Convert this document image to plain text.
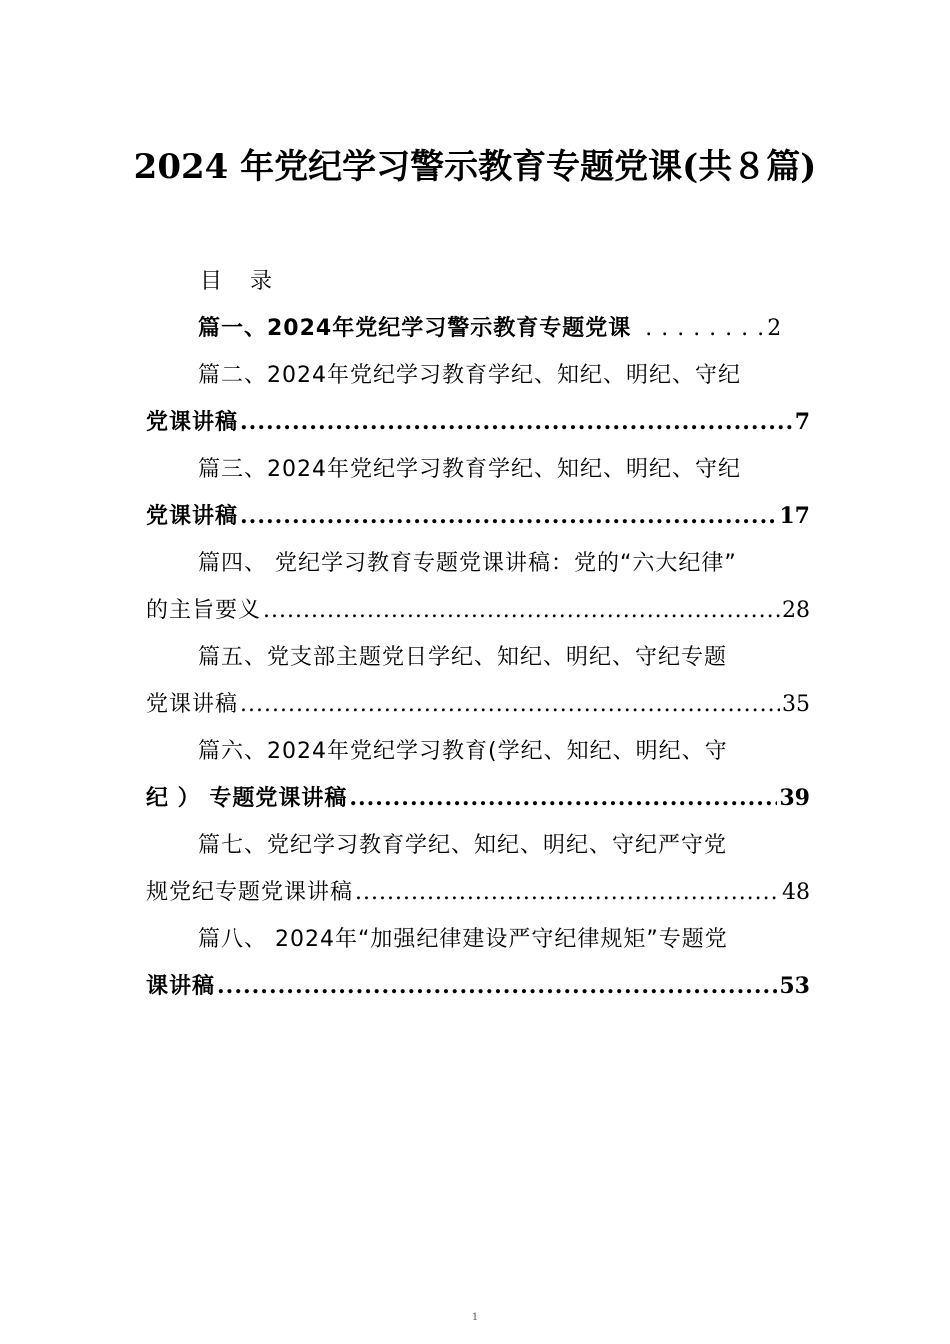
2024 年党纪学习警示教育专题党课(共８篇)

目录

篇一、2024年党纪学习警示教育专题党课 . . .	2
篇二、2024年党纪学习教育学纪、知纪、明纪、守纪
党课讲稿 .....	7
篇三、2024年党纪学习教育学纪、知纪、明纪、守纪
党课讲稿 .....	17
篇四、 党纪学习教育专题党课讲稿：党的“六大纪律”
的主旨要义 .....	28
篇五、党支部主题党日学纪、知纪、明纪、守纪专题
党课讲稿 .....	35
篇六、2024年党纪学习教育(学纪、知纪、明纪、守
纪 ） 专题党课讲稿 .....	39
篇七、党纪学习教育学纪、知纪、明纪、守纪严守党
规党纪专题党课讲稿 .....	48
篇八、 2024年“加强纪律建设严守纪律规矩”专题党
课讲稿 .....	53

1
